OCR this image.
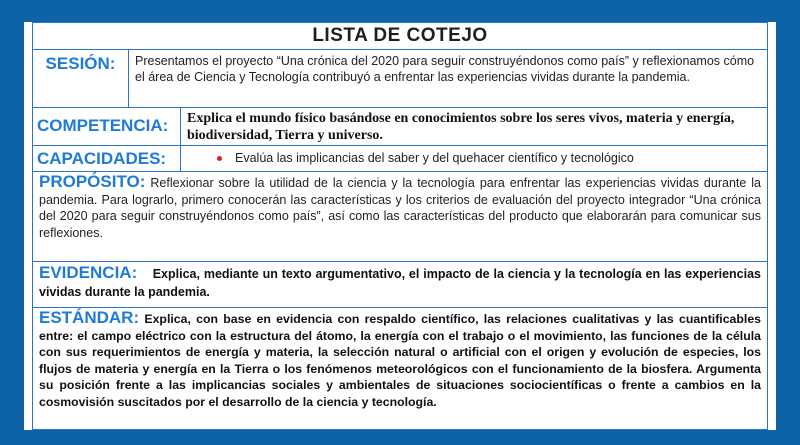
LISTA DE COTEJO
SESIÓN:	Presentamos el proyecto “Una crónica del 2020 para seguir construyéndonos como país” y reflexionamos cómo el área de Ciencia y Tecnología contribuyó a enfrentar las experiencias vividas durante la pandemia.
COMPETENCIA:	Explica el mundo físico basándose en conocimientos sobre los seres vivos, materia y energía, biodiversidad, Tierra y universo.
CAPACIDADES:	Evalúa las implicancias del saber y del quehacer científico y tecnológico
PROPÓSITO: Reflexionar sobre la utilidad de la ciencia y la tecnología para enfrentar las experiencias vividas durante la pandemia. Para lograrlo, primero conocerán las características y los criterios de evaluación del proyecto integrador “Una crónica del 2020 para seguir construyéndonos como país”, así como las características del producto que elaborarán para comunicar sus reflexiones.
EVIDENCIA: Explica, mediante un texto argumentativo, el impacto de la ciencia y la tecnología en las experiencias vividas durante la pandemia.
ESTÁNDAR: Explica, con base en evidencia con respaldo científico, las relaciones cualitativas y las cuantificables entre: el campo eléctrico con la estructura del átomo, la energía con el trabajo o el movimiento, las funciones de la célula con sus requerimientos de energía y materia, la selección natural o artificial con el origen y evolución de especies, los flujos de materia y energía en la Tierra o los fenómenos meteorológicos con el funcionamiento de la biosfera. Argumenta su posición frente a las implicancias sociales y ambientales de situaciones sociocientíficas o frente a cambios en la cosmovisión suscitados por el desarrollo de la ciencia y tecnología.
